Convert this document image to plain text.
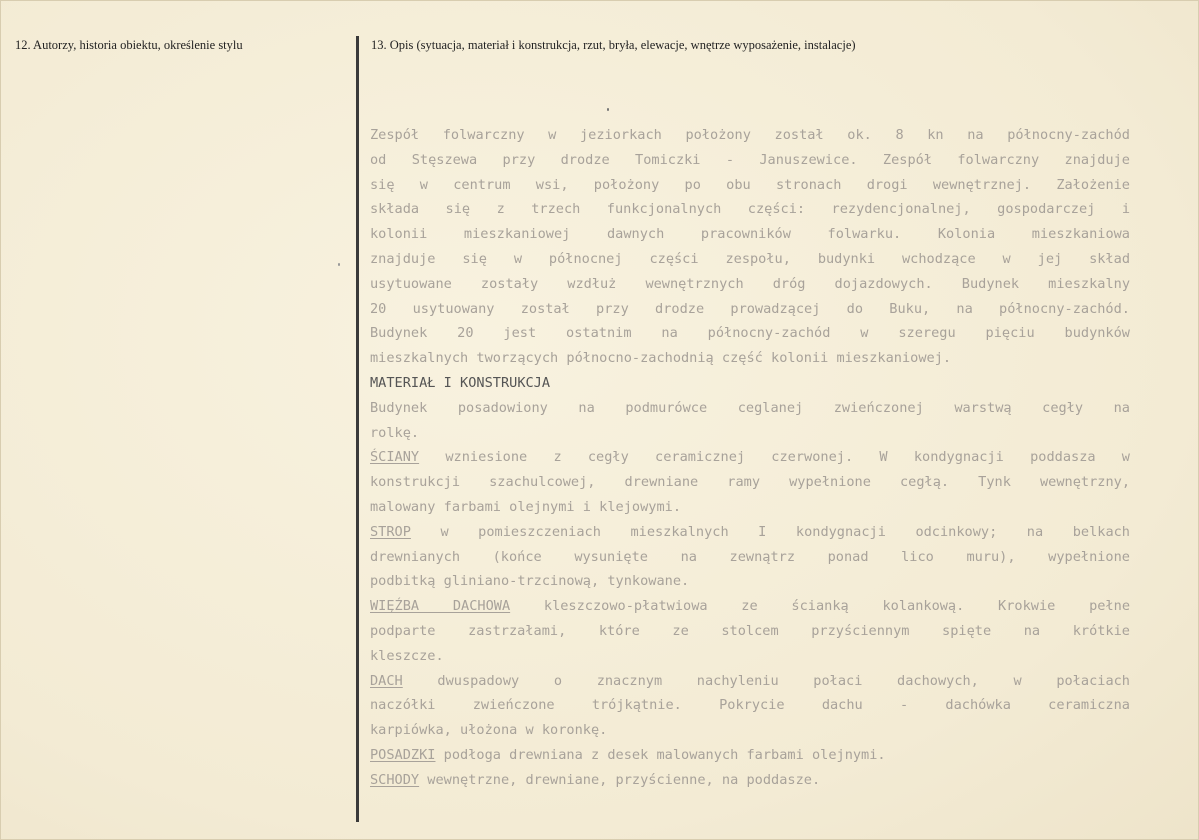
12. Autorzy, historia obiektu, określenie stylu	13. Opis (sytuacja, materiał i konstrukcja, rzut, bryła, elewacje, wnętrze wyposażenie, instalacje)

Zespół folwarczny w jeziorkach położony został ok. 8 kn na północny-zachód

od Stęszewa przy drodze Tomiczki - Januszewice. Zespół folwarczny znajduje

się w centrum wsi, położony po obu stronach drogi wewnętrznej. Założenie

składa się z trzech funkcjonalnych części: rezydencjonalnej, gospodarczej i

kolonii mieszkaniowej dawnych pracowników folwarku. Kolonia mieszkaniowa

znajduje się w północnej części zespołu, budynki wchodzące w jej skład

usytuowane zostały wzdłuż wewnętrznych dróg dojazdowych. Budynek mieszkalny

20 usytuowany został przy drodze prowadzącej do Buku, na północny-zachód.

Budynek 20 jest ostatnim na północny-zachód w szeregu pięciu budynków

mieszkalnych tworzących północno-zachodnią część kolonii mieszkaniowej.

MATERIAŁ I KONSTRUKCJA

Budynek posadowiony na podmurówce ceglanej zwieńczonej warstwą cegły na

rolkę.

ŚCIANY wzniesione z cegły ceramicznej czerwonej. W kondygnacji poddasza w

konstrukcji szachulcowej, drewniane ramy wypełnione cegłą. Tynk wewnętrzny,

malowany farbami olejnymi i klejowymi.

STROP w pomieszczeniach mieszkalnych I kondygnacji odcinkowy; na belkach

drewnianych (końce wysunięte na zewnątrz ponad lico muru), wypełnione

podbitką gliniano-trzcinową, tynkowane.

WIĘŹBA DACHOWA kleszczowo-płatwiowa ze ścianką kolankową. Krokwie pełne

podparte zastrzałami, które ze stolcem przyściennym spięte na krótkie

kleszcze.

DACH dwuspadowy o znacznym nachyleniu połaci dachowych, w połaciach

naczółki zwieńczone trójkątnie. Pokrycie dachu - dachówka ceramiczna

karpiówka, ułożona w koronkę.

POSADZKI podłoga drewniana z desek malowanych farbami olejnymi.

SCHODY wewnętrzne, drewniane, przyścienne, na poddasze.
